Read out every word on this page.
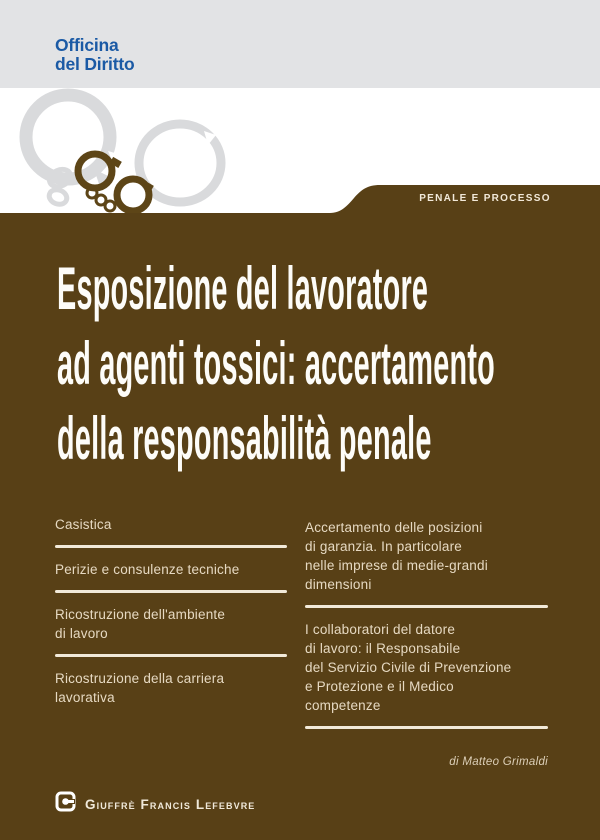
Officina
del Diritto
PENALE E PROCESSO
Esposizione del lavoratore
ad agenti tossici: accertamento
della responsabilità penale
Casistica
Perizie e consulenze tecniche
Ricostruzione dell'ambiente
di lavoro
Ricostruzione della carriera
lavorativa
Accertamento delle posizioni
di garanzia. In particolare
nelle imprese di medie-grandi
dimensioni
I collaboratori del datore
di lavoro: il Responsabile
del Servizio Civile di Prevenzione
e Protezione e il Medico
competenze
di Matteo Grimaldi
Giuffrè Francis Lefebvre
